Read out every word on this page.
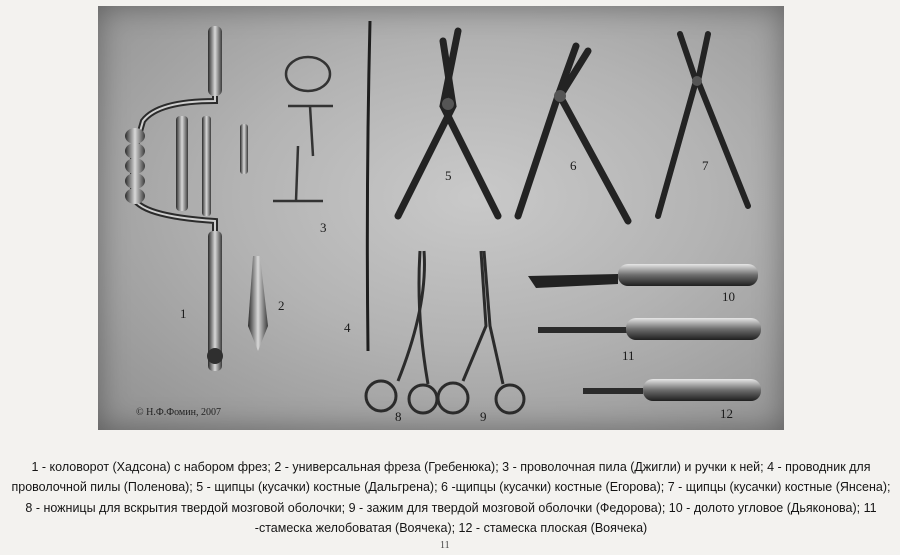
1
2
3
4
5
6	7
8	9
10
11
12
© Н.Ф.Фомин, 2007

1 - коловорот (Хадсона) с набором фрез; 2 - универсальная фреза (Гребенюка); 3 - проволочная пила (Джигли) и ручки к ней; 4 - проводник для проволочной пилы (Поленова); 5 - щипцы (кусачки) костные (Дальгрена); 6 -щипцы (кусачки) костные (Егорова); 7 - щипцы (кусачки) костные (Янсена); 8 - ножницы для вскрытия твердой мозговой оболочки; 9 - зажим для твердой мозговой оболочки (Федорова); 10 - долото угловое (Дьяконова); 11 -стамеска желобоватая (Воячека); 12 - стамеска плоская (Воячека)

11
